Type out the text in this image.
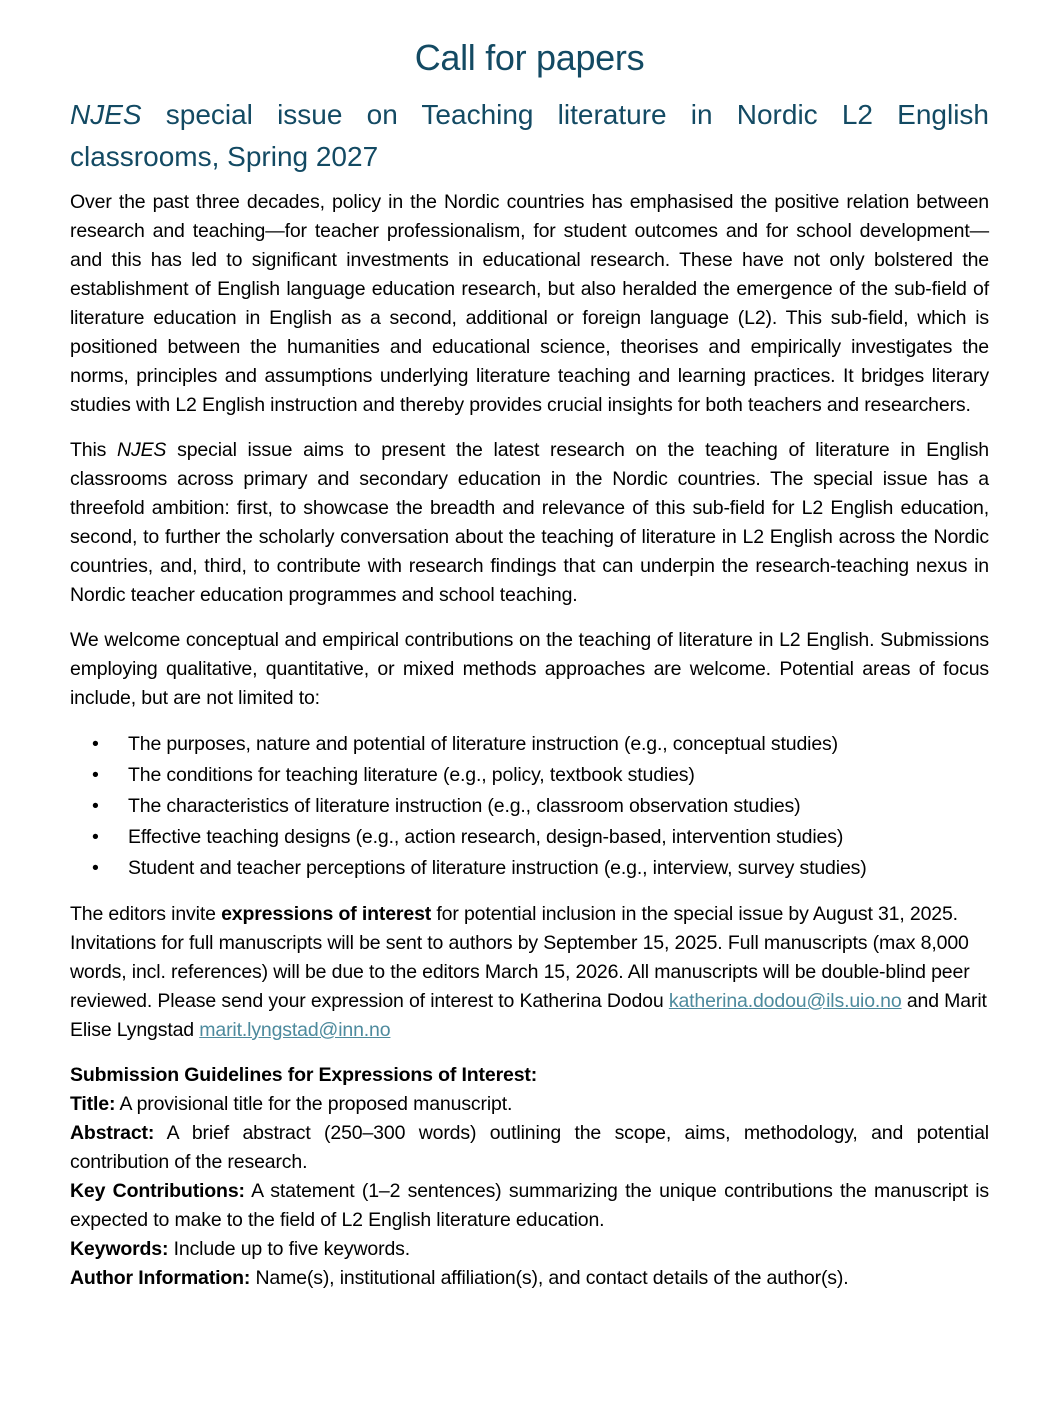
Call for papers
NJES special issue on Teaching literature in Nordic L2 English classrooms, Spring 2027

Over the past three decades, policy in the Nordic countries has emphasised the positive relation between research and teaching—for teacher professionalism, for student outcomes and for school development—and this has led to significant investments in educational research. These have not only bolstered the establishment of English language education research, but also heralded the emergence of the sub-field of literature education in English as a second, additional or foreign language (L2). This sub-field, which is positioned between the humanities and educational science, theorises and empirically investigates the norms, principles and assumptions underlying literature teaching and learning practices. It bridges literary studies with L2 English instruction and thereby provides crucial insights for both teachers and researchers.

This NJES special issue aims to present the latest research on the teaching of literature in English classrooms across primary and secondary education in the Nordic countries. The special issue has a threefold ambition: first, to showcase the breadth and relevance of this sub-field for L2 English education, second, to further the scholarly conversation about the teaching of literature in L2 English across the Nordic countries, and, third, to contribute with research findings that can underpin the research-teaching nexus in Nordic teacher education programmes and school teaching.

We welcome conceptual and empirical contributions on the teaching of literature in L2 English. Submissions employing qualitative, quantitative, or mixed methods approaches are welcome. Potential areas of focus include, but are not limited to:

• The purposes, nature and potential of literature instruction (e.g., conceptual studies)
• The conditions for teaching literature (e.g., policy, textbook studies)
• The characteristics of literature instruction (e.g., classroom observation studies)
• Effective teaching designs (e.g., action research, design-based, intervention studies)
• Student and teacher perceptions of literature instruction (e.g., interview, survey studies)

The editors invite expressions of interest for potential inclusion in the special issue by August 31, 2025. Invitations for full manuscripts will be sent to authors by September 15, 2025. Full manuscripts (max 8,000 words, incl. references) will be due to the editors March 15, 2026. All manuscripts will be double-blind peer reviewed. Please send your expression of interest to Katherina Dodou katherina.dodou@ils.uio.no and Marit Elise Lyngstad marit.lyngstad@inn.no

Submission Guidelines for Expressions of Interest:

Title: A provisional title for the proposed manuscript.

Abstract: A brief abstract (250–300 words) outlining the scope, aims, methodology, and potential contribution of the research.

Key Contributions: A statement (1–2 sentences) summarizing the unique contributions the manuscript is expected to make to the field of L2 English literature education.

Keywords: Include up to five keywords.

Author Information: Name(s), institutional affiliation(s), and contact details of the author(s).
